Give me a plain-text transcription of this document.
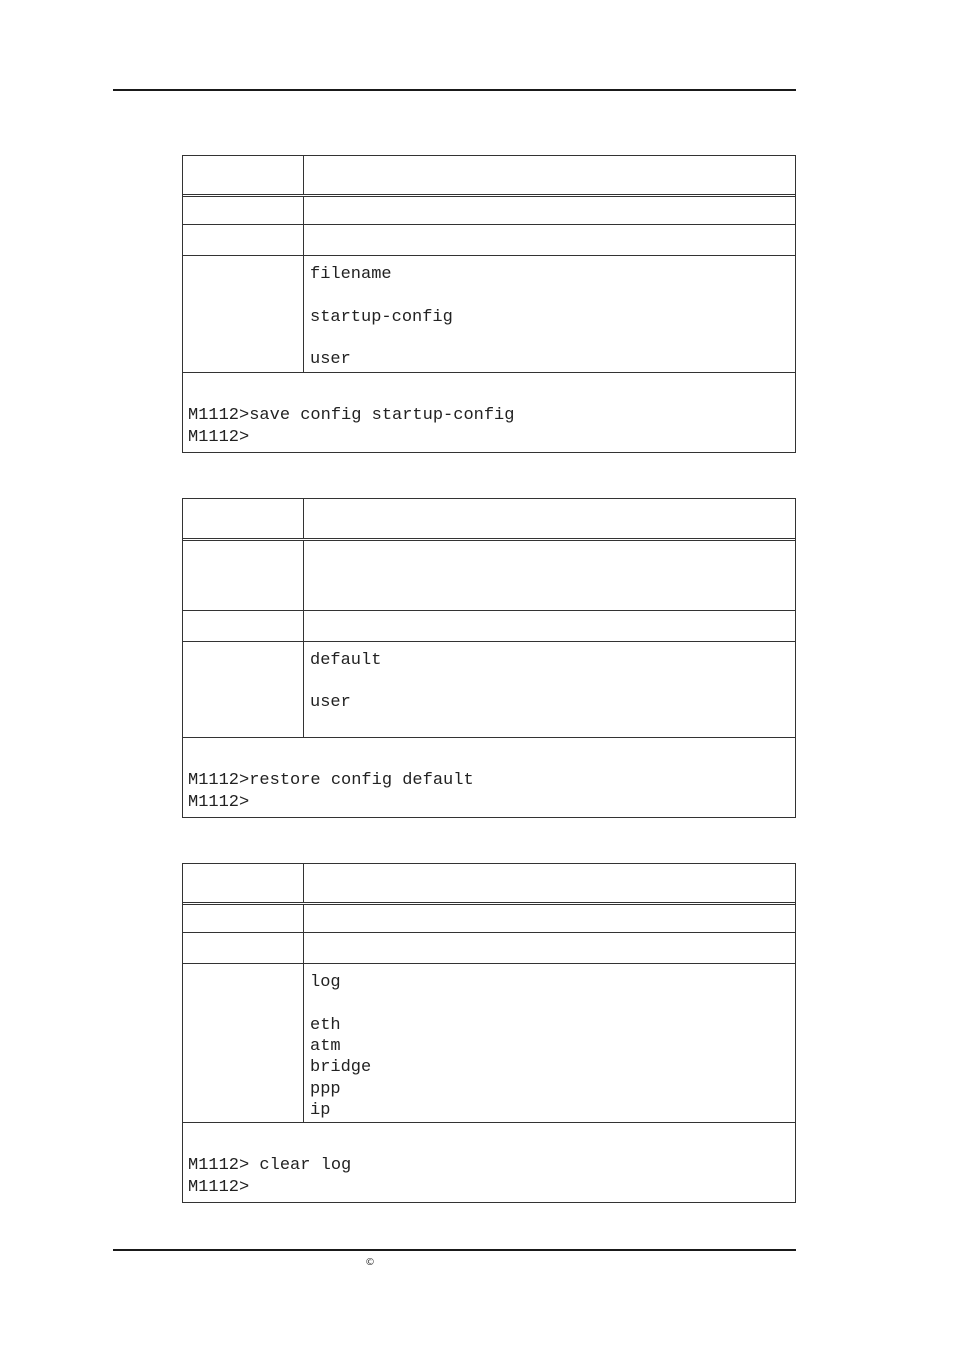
filename
startup-config
user
M1112>save config startup-config
M1112>
default
user
M1112>restore config default
M1112>
log
eth
atm
bridge
ppp
ip
M1112> clear log
M1112>
©
